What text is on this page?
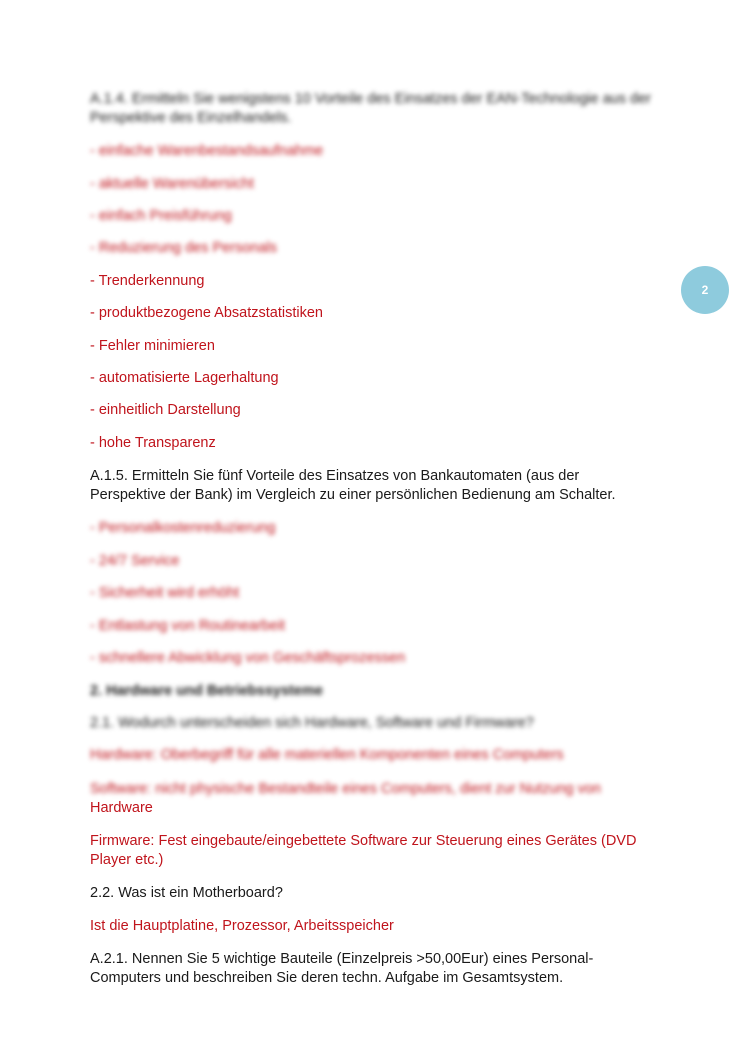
A.1.4. Ermitteln Sie wenigstens 10 Vorteile des Einsatzes der EAN-Technologie aus der Perspektive des Einzelhandels.
- einfache Warenbestandsaufnahme
- aktuelle Warenübersicht
- einfach Preisführung
- Reduzierung des Personals
- Trenderkennung
- produktbezogene Absatzstatistiken
- Fehler minimieren
- automatisierte Lagerhaltung
- einheitlich Darstellung
- hohe Transparenz
A.1.5. Ermitteln Sie fünf Vorteile des Einsatzes von Bankautomaten (aus der
Perspektive der Bank) im Vergleich zu einer persönlichen Bedienung am Schalter.
- Personalkostenreduzierung
- 24/7 Service
- Sicherheit wird erhöht
- Entlastung von Routinearbeit
- schnellere Abwicklung von Geschäftsprozessen
2. Hardware und Betriebssysteme
2.1. Wodurch unterscheiden sich Hardware, Software und Firmware?
Hardware: Oberbegriff für alle materiellen Komponenten eines Computers
Software: nicht physische Bestandteile eines Computers, dient zur Nutzung von
Hardware
Firmware: Fest eingebaute/eingebettete Software zur Steuerung eines Gerätes (DVD
Player etc.)
2.2. Was ist ein Motherboard?
Ist die Hauptplatine, Prozessor, Arbeitsspeicher
A.2.1. Nennen Sie 5 wichtige Bauteile (Einzelpreis >50,00Eur) eines Personal-
Computers und beschreiben Sie deren techn. Aufgabe im Gesamtsystem.
2
